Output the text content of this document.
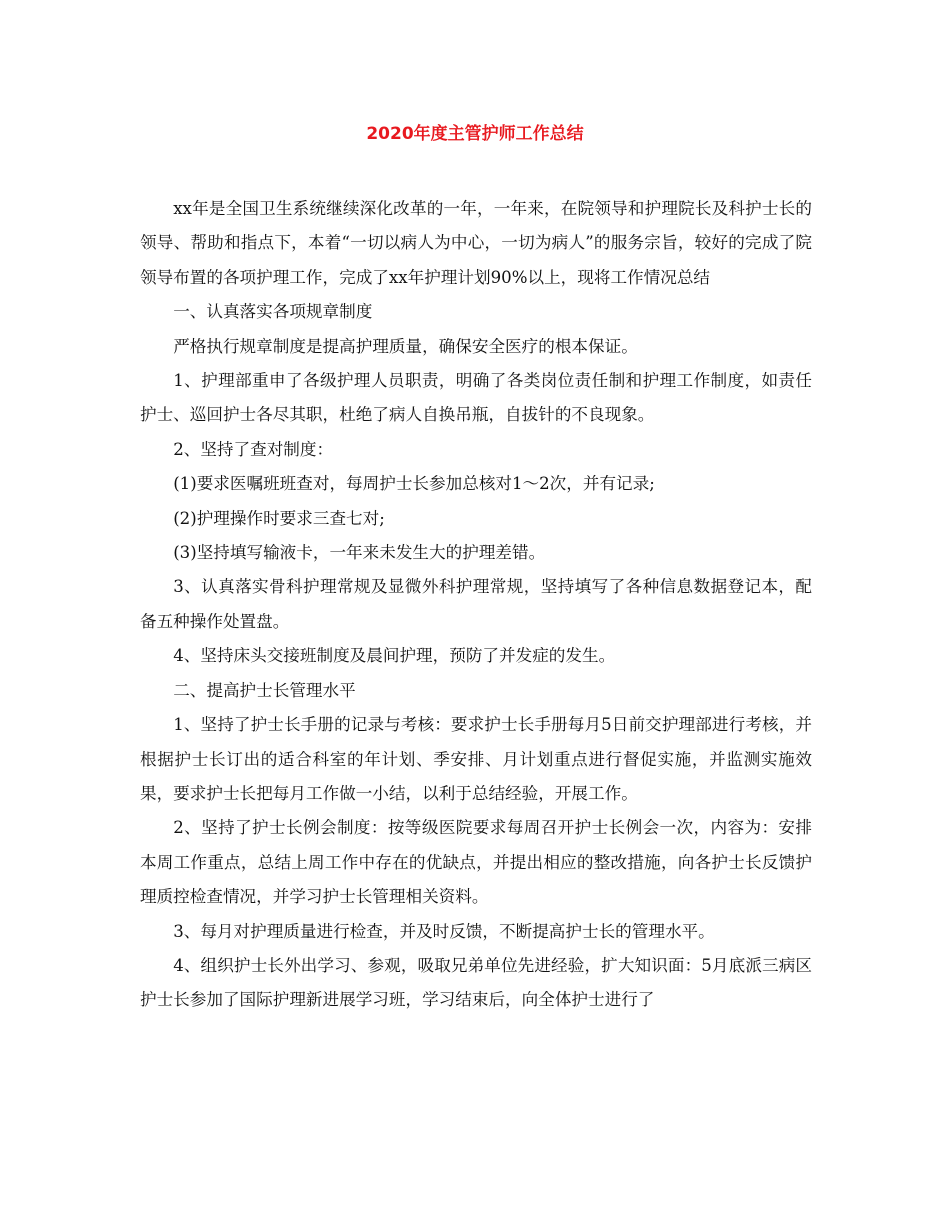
2020年度主管护师工作总结

xx年是全国卫生系统继续深化改革的一年，一年来，在院领导和护理院长及科护士长的领导、帮助和指点下，本着“一切以病人为中心，一切为病人”的服务宗旨，较好的完成了院领导布置的各项护理工作，完成了xx年护理计划90%以上，现将工作情况总结

一、认真落实各项规章制度

严格执行规章制度是提高护理质量，确保安全医疗的根本保证。

1、护理部重申了各级护理人员职责，明确了各类岗位责任制和护理工作制度，如责任护士、巡回护士各尽其职，杜绝了病人自换吊瓶，自拔针的不良现象。

2、坚持了查对制度：

(1)要求医嘱班班查对，每周护士长参加总核对1～2次，并有记录;

(2)护理操作时要求三查七对;

(3)坚持填写输液卡，一年来未发生大的护理差错。

3、认真落实骨科护理常规及显微外科护理常规，坚持填写了各种信息数据登记本，配备五种操作处置盘。

4、坚持床头交接班制度及晨间护理，预防了并发症的发生。

二、提高护士长管理水平

1、坚持了护士长手册的记录与考核：要求护士长手册每月5日前交护理部进行考核，并根据护士长订出的适合科室的年计划、季安排、月计划重点进行督促实施，并监测实施效果，要求护士长把每月工作做一小结，以利于总结经验，开展工作。

2、坚持了护士长例会制度：按等级医院要求每周召开护士长例会一次，内容为：安排本周工作重点，总结上周工作中存在的优缺点，并提出相应的整改措施，向各护士长反馈护理质控检查情况，并学习护士长管理相关资料。

3、每月对护理质量进行检查，并及时反馈，不断提高护士长的管理水平。

4、组织护士长外出学习、参观，吸取兄弟单位先进经验，扩大知识面：5月底派三病区护士长参加了国际护理新进展学习班，学习结束后，向全体护士进行了
